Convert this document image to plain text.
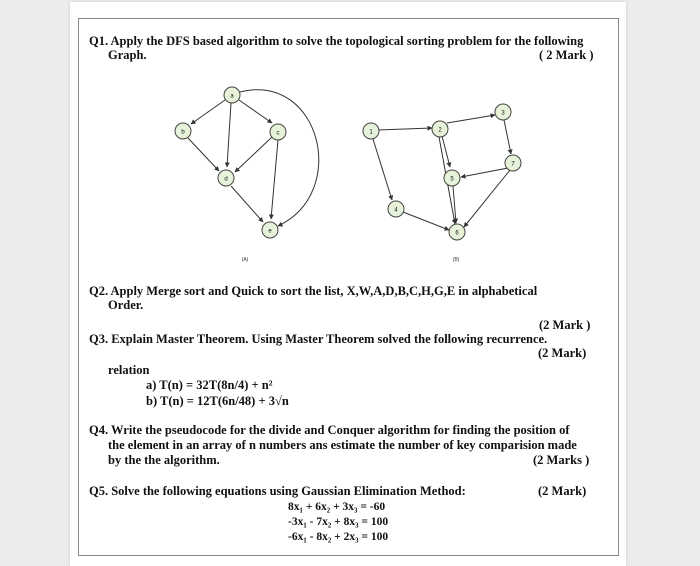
Q1. Apply the DFS based algorithm to solve the topological sorting problem for the following
Graph.	( 2 Mark )
a
b	c
d
e
(A)
1	2
3
4
5
6
7
(B)
Q2. Apply Merge sort and Quick to sort the list, X,W,A,D,B,C,H,G,E in alphabetical
Order.
(2 Mark )
Q3. Explain Master Theorem. Using Master Theorem solved the following recurrence.
(2 Mark)
relation
a) T(n) = 32T(8n/4) + n²
b) T(n) = 12T(6n/48) + 3√n
Q4. Write the pseudocode for the divide and Conquer algorithm for finding the position of
the element in an array of n numbers ans estimate the number of key comparision made
by the the algorithm.	(2 Marks )
Q5. Solve the following equations using Gaussian Elimination Method:	(2 Mark)
8x₁ + 6x₂ + 3x₃ = -60
-3x₁ - 7x₂ + 8x₃ = 100
-6x₁ - 8x₂ + 2x₃ = 100
